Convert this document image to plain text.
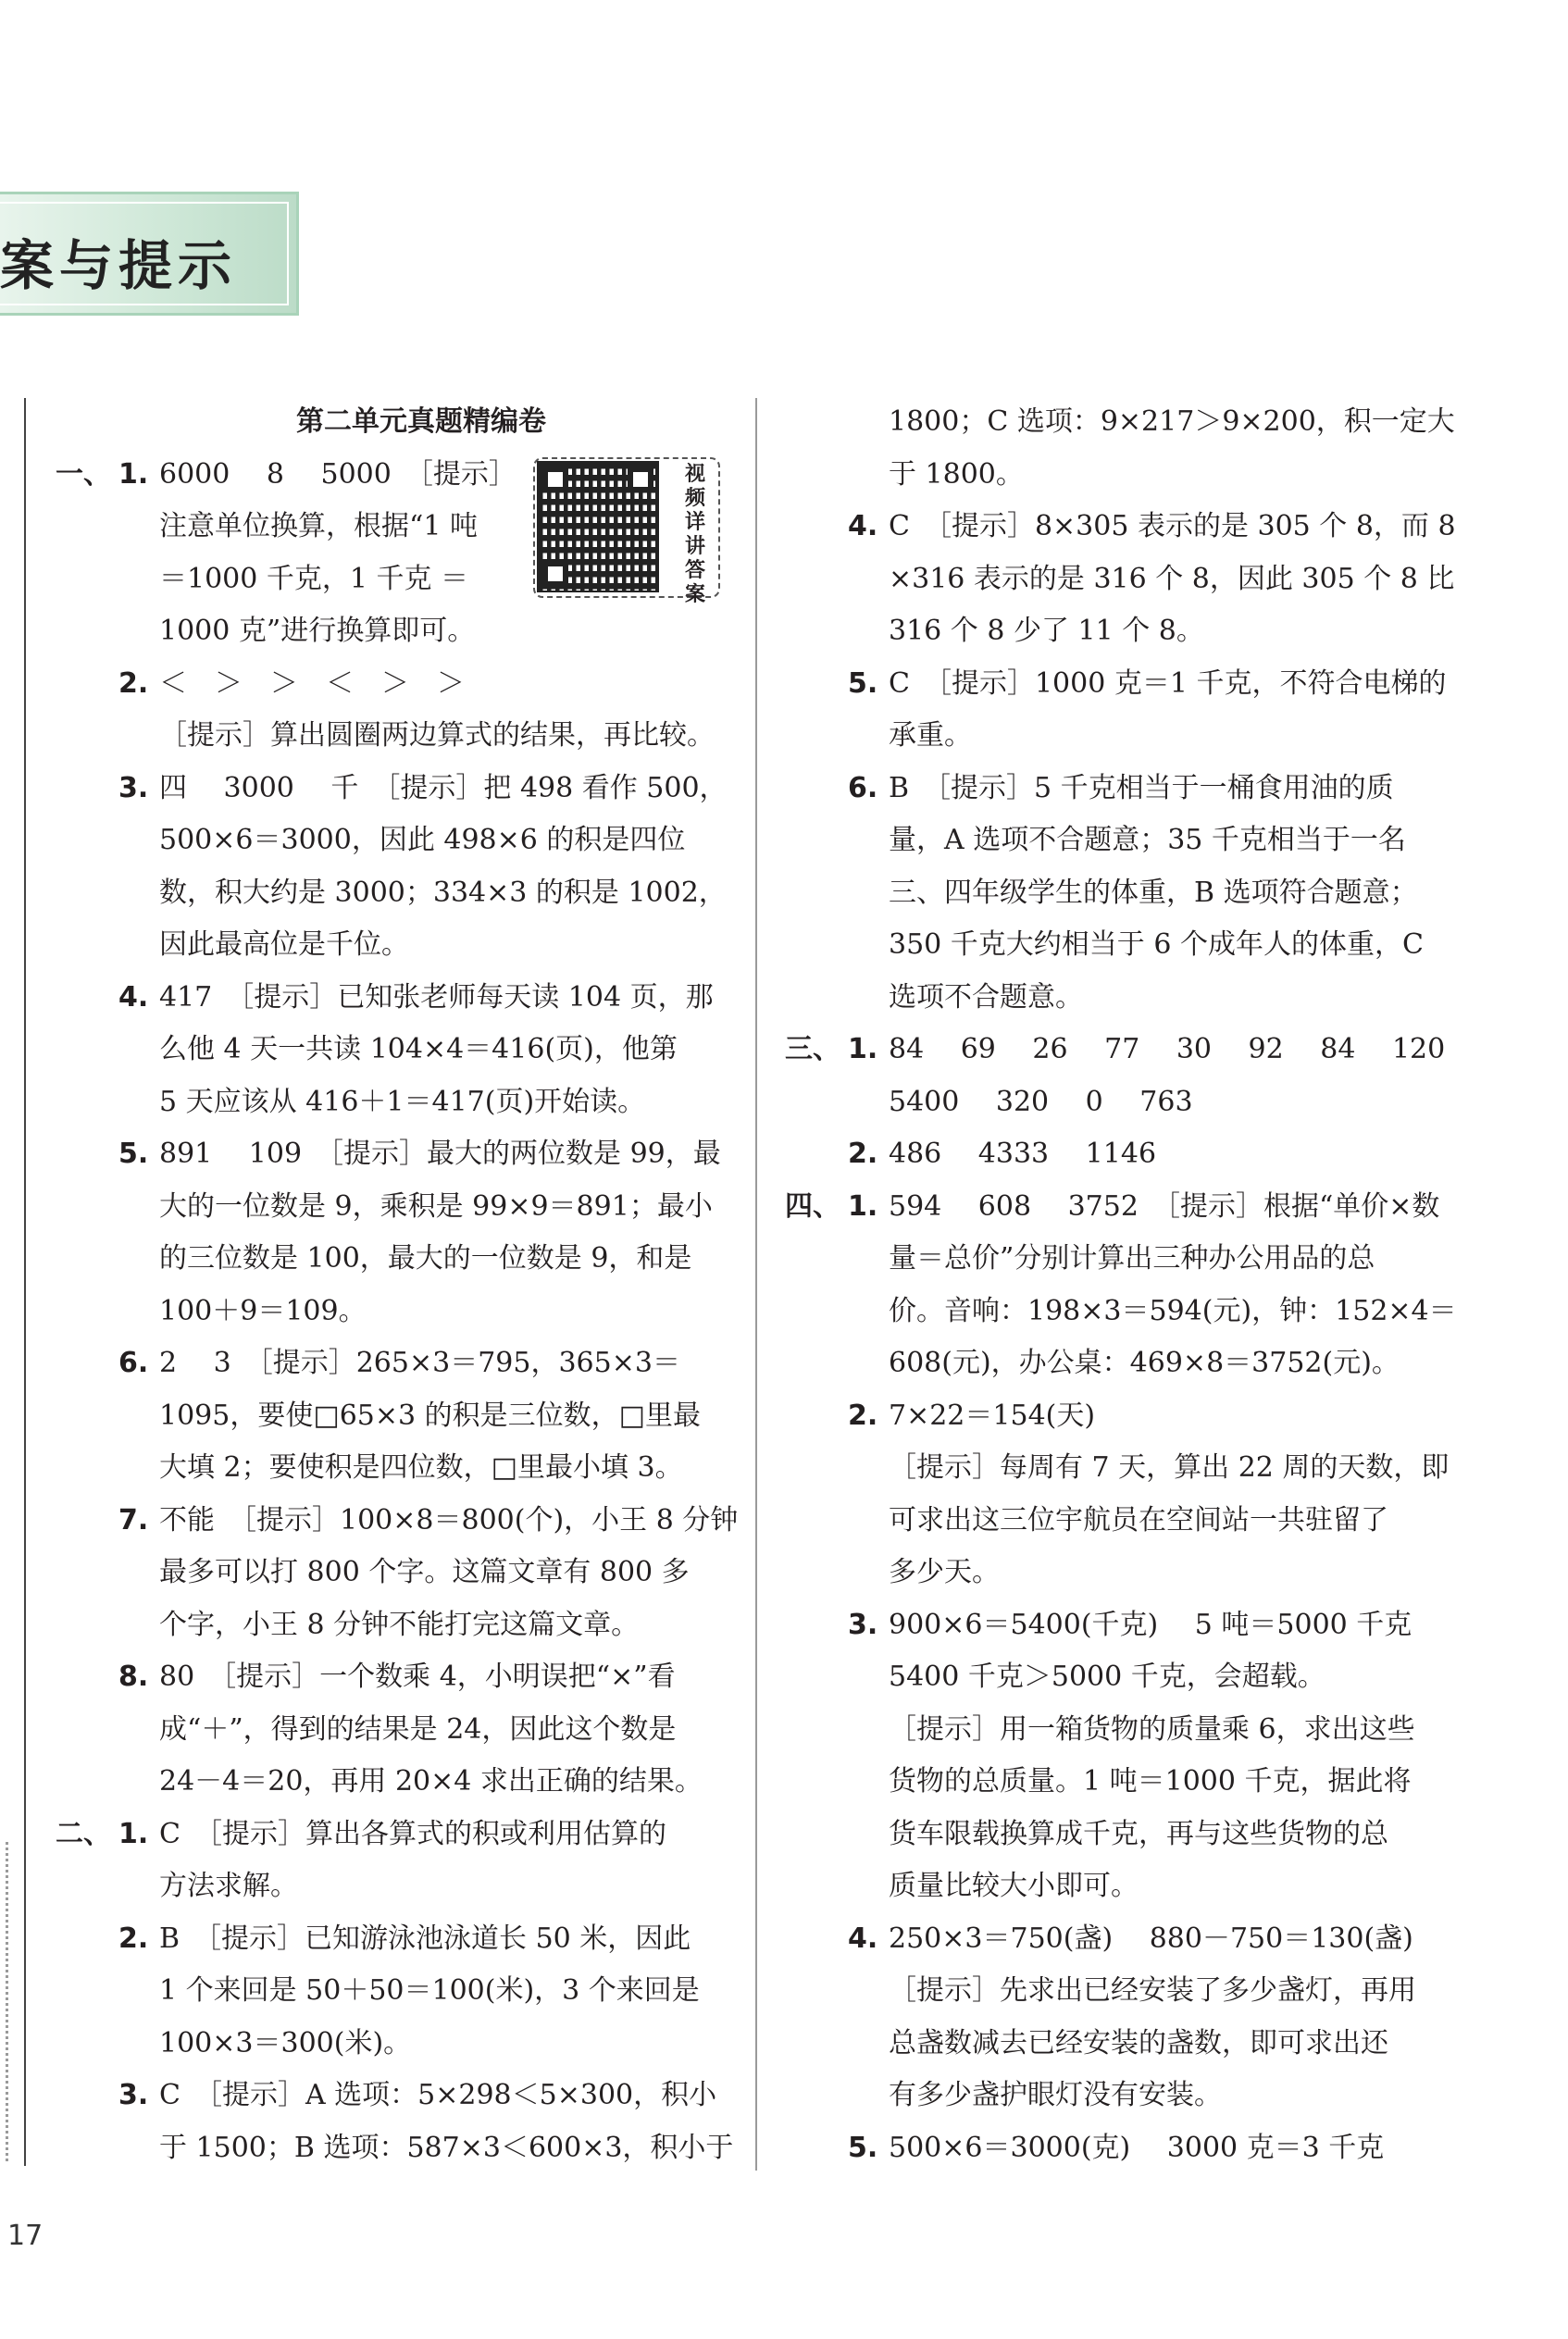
案与提示
视频详讲答案
第二单元真题精编卷
一、 1. 6000　 8　 5000　［提示］
注意单位换算，根据“1 吨
＝1000 千克，1 千克 ＝
1000 克”进行换算即可。
2. ＜　＞　＞　＜　＞　＞
［提示］算出圆圈两边算式的结果，再比较。
3. 四　 3000　 千　［提示］把 498 看作 500，
500×6＝3000，因此 498×6 的积是四位
数，积大约是 3000；334×3 的积是 1002，
因此最高位是千位。
4. 417　［提示］已知张老师每天读 104 页，那
么他 4 天一共读 104×4＝416(页)，他第
5 天应该从 416＋1＝417(页)开始读。
5. 891　 109　［提示］最大的两位数是 99，最
大的一位数是 9，乘积是 99×9＝891；最小
的三位数是 100，最大的一位数是 9，和是
100＋9＝109。
6. 2　 3　［提示］265×3＝795，365×3＝
1095，要使□65×3 的积是三位数，□里最
大填 2；要使积是四位数，□里最小填 3。
7. 不能　［提示］100×8＝800(个)，小王 8 分钟
最多可以打 800 个字。这篇文章有 800 多
个字，小王 8 分钟不能打完这篇文章。
8. 80　［提示］一个数乘 4，小明误把“×”看
成“＋”，得到的结果是 24，因此这个数是
24－4＝20，再用 20×4 求出正确的结果。
二、 1. C　［提示］算出各算式的积或利用估算的
方法求解。
2. B　［提示］已知游泳池泳道长 50 米，因此
1 个来回是 50＋50＝100(米)，3 个来回是
100×3＝300(米)。
3. C　［提示］A 选项：5×298＜5×300，积小
于 1500；B 选项：587×3＜600×3，积小于
1800；C 选项：9×217＞9×200，积一定大
于 1800。
4. C　［提示］8×305 表示的是 305 个 8，而 8
×316 表示的是 316 个 8，因此 305 个 8 比
316 个 8 少了 11 个 8。
5. C　［提示］1000 克＝1 千克，不符合电梯的
承重。
6. B　［提示］5 千克相当于一桶食用油的质
量，A 选项不合题意；35 千克相当于一名
三、四年级学生的体重，B 选项符合题意；
350 千克大约相当于 6 个成年人的体重，C
选项不合题意。
三、 1. 84　 69　 26　 77　 30　 92　 84　 120
5400　 320　 0　 763
2. 486　 4333　 1146
四、 1. 594　 608　 3752　［提示］根据“单价×数
量＝总价”分别计算出三种办公用品的总
价。音响：198×3＝594(元)，钟：152×4＝
608(元)，办公桌：469×8＝3752(元)。
2. 7×22＝154(天)
［提示］每周有 7 天，算出 22 周的天数，即
可求出这三位宇航员在空间站一共驻留了
多少天。
3. 900×6＝5400(千克)　 5 吨＝5000 千克
5400 千克＞5000 千克，会超载。
［提示］用一箱货物的质量乘 6，求出这些
货物的总质量。1 吨＝1000 千克，据此将
货车限载换算成千克，再与这些货物的总
质量比较大小即可。
4. 250×3＝750(盏)　 880－750＝130(盏)
［提示］先求出已经安装了多少盏灯，再用
总盏数减去已经安装的盏数，即可求出还
有多少盏护眼灯没有安装。
5. 500×6＝3000(克)　 3000 克＝3 千克
17
